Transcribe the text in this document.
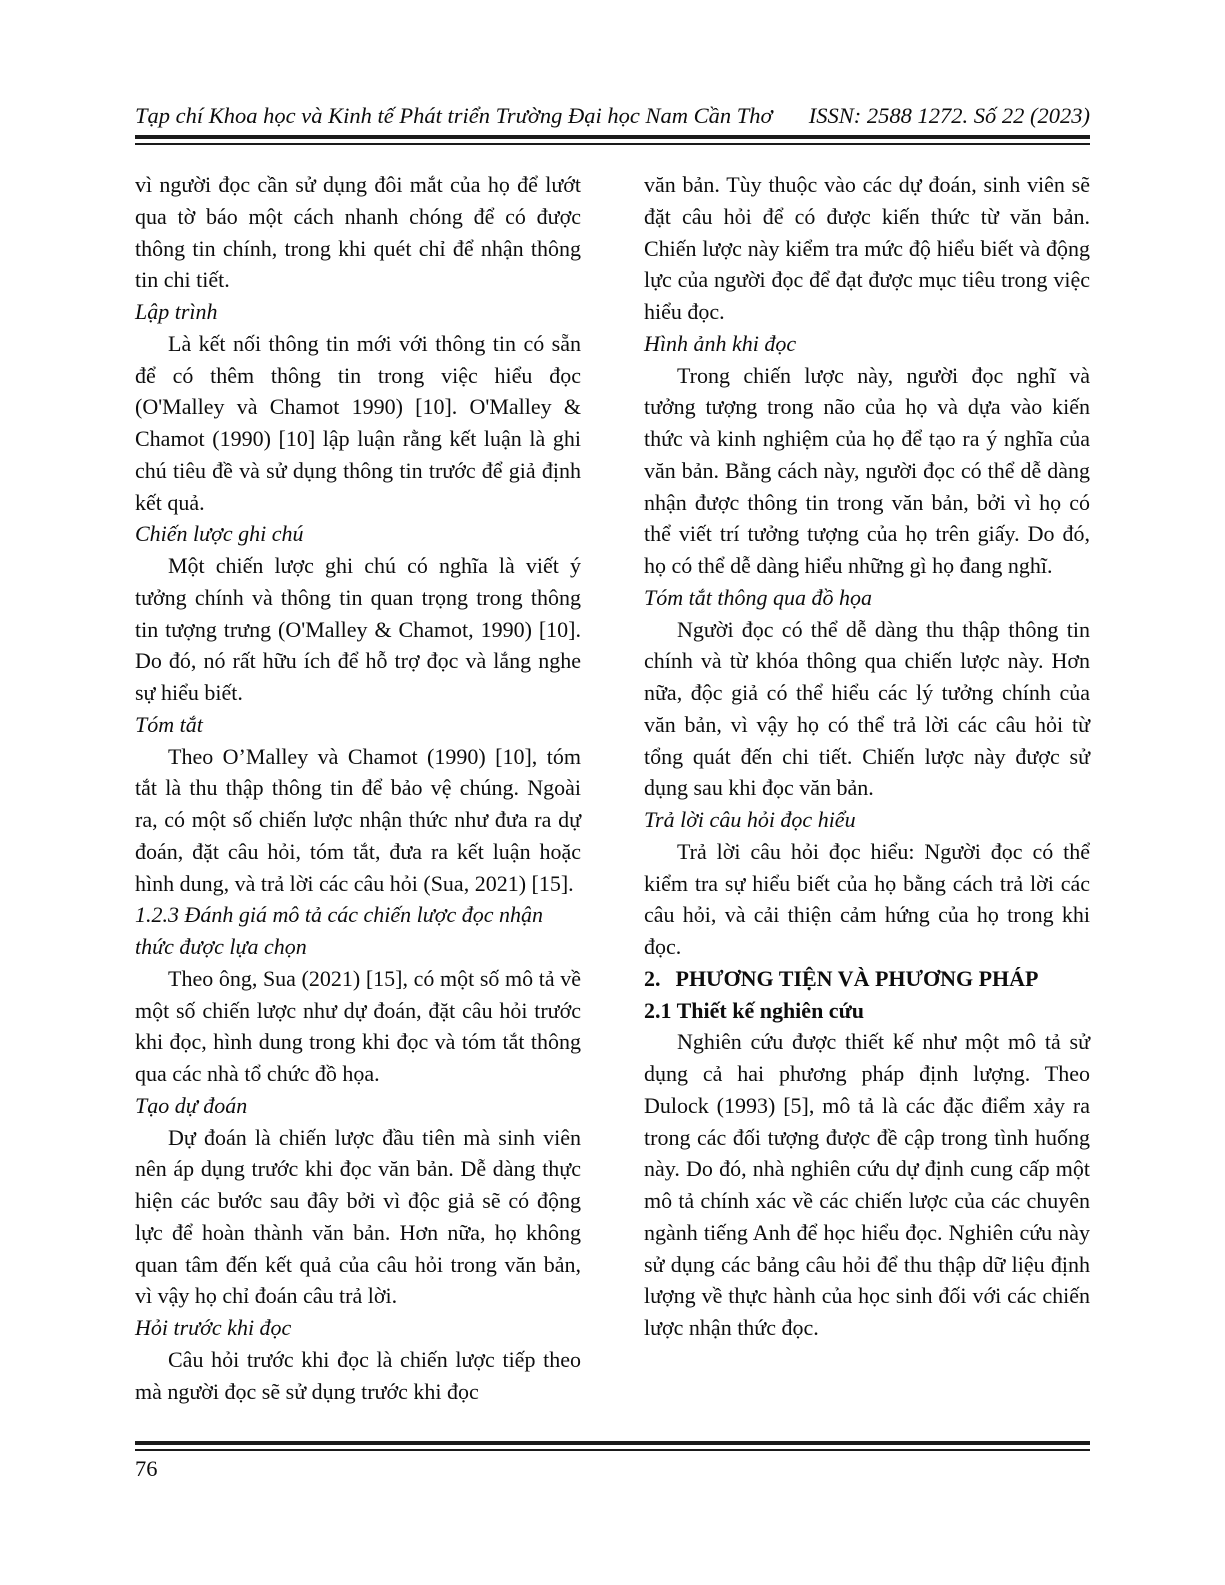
Tạp chí Khoa học và Kinh tế Phát triển Trường Đại học Nam Cần Thơ ISSN: 2588 1272. Số 22 (2023)

vì người đọc cần sử dụng đôi mắt của họ để lướt qua tờ báo một cách nhanh chóng để có được thông tin chính, trong khi quét chỉ để nhận thông tin chi tiết.

Lập trình

Là kết nối thông tin mới với thông tin có sẵn để có thêm thông tin trong việc hiểu đọc (O'Malley và Chamot 1990) [10]. O'Malley & Chamot (1990) [10] lập luận rằng kết luận là ghi chú tiêu đề và sử dụng thông tin trước để giả định kết quả.

Chiến lược ghi chú

Một chiến lược ghi chú có nghĩa là viết ý tưởng chính và thông tin quan trọng trong thông tin tượng trưng (O'Malley & Chamot, 1990) [10]. Do đó, nó rất hữu ích để hỗ trợ đọc và lắng nghe sự hiểu biết.

Tóm tắt

Theo O’Malley và Chamot (1990) [10], tóm tắt là thu thập thông tin để bảo vệ chúng. Ngoài ra, có một số chiến lược nhận thức như đưa ra dự đoán, đặt câu hỏi, tóm tắt, đưa ra kết luận hoặc hình dung, và trả lời các câu hỏi (Sua, 2021) [15].

1.2.3 Đánh giá mô tả các chiến lược đọc nhận thức được lựa chọn

Theo ông, Sua (2021) [15], có một số mô tả về một số chiến lược như dự đoán, đặt câu hỏi trước khi đọc, hình dung trong khi đọc và tóm tắt thông qua các nhà tổ chức đồ họa.

Tạo dự đoán

Dự đoán là chiến lược đầu tiên mà sinh viên nên áp dụng trước khi đọc văn bản. Dễ dàng thực hiện các bước sau đây bởi vì độc giả sẽ có động lực để hoàn thành văn bản. Hơn nữa, họ không quan tâm đến kết quả của câu hỏi trong văn bản, vì vậy họ chỉ đoán câu trả lời.

Hỏi trước khi đọc

Câu hỏi trước khi đọc là chiến lược tiếp theo mà người đọc sẽ sử dụng trước khi đọc

văn bản. Tùy thuộc vào các dự đoán, sinh viên sẽ đặt câu hỏi để có được kiến thức từ văn bản. Chiến lược này kiểm tra mức độ hiểu biết và động lực của người đọc để đạt được mục tiêu trong việc hiểu đọc.

Hình ảnh khi đọc

Trong chiến lược này, người đọc nghĩ và tưởng tượng trong não của họ và dựa vào kiến thức và kinh nghiệm của họ để tạo ra ý nghĩa của văn bản. Bằng cách này, người đọc có thể dễ dàng nhận được thông tin trong văn bản, bởi vì họ có thể viết trí tưởng tượng của họ trên giấy. Do đó, họ có thể dễ dàng hiểu những gì họ đang nghĩ.

Tóm tắt thông qua đồ họa

Người đọc có thể dễ dàng thu thập thông tin chính và từ khóa thông qua chiến lược này. Hơn nữa, độc giả có thể hiểu các lý tưởng chính của văn bản, vì vậy họ có thể trả lời các câu hỏi từ tổng quát đến chi tiết. Chiến lược này được sử dụng sau khi đọc văn bản.

Trả lời câu hỏi đọc hiểu

Trả lời câu hỏi đọc hiểu: Người đọc có thể kiểm tra sự hiểu biết của họ bằng cách trả lời các câu hỏi, và cải thiện cảm hứng của họ trong khi đọc.

2. PHƯƠNG TIỆN VÀ PHƯƠNG PHÁP

2.1 Thiết kế nghiên cứu

Nghiên cứu được thiết kế như một mô tả sử dụng cả hai phương pháp định lượng. Theo Dulock (1993) [5], mô tả là các đặc điểm xảy ra trong các đối tượng được đề cập trong tình huống này. Do đó, nhà nghiên cứu dự định cung cấp một mô tả chính xác về các chiến lược của các chuyên ngành tiếng Anh để học hiểu đọc. Nghiên cứu này sử dụng các bảng câu hỏi để thu thập dữ liệu định lượng về thực hành của học sinh đối với các chiến lược nhận thức đọc.

76
